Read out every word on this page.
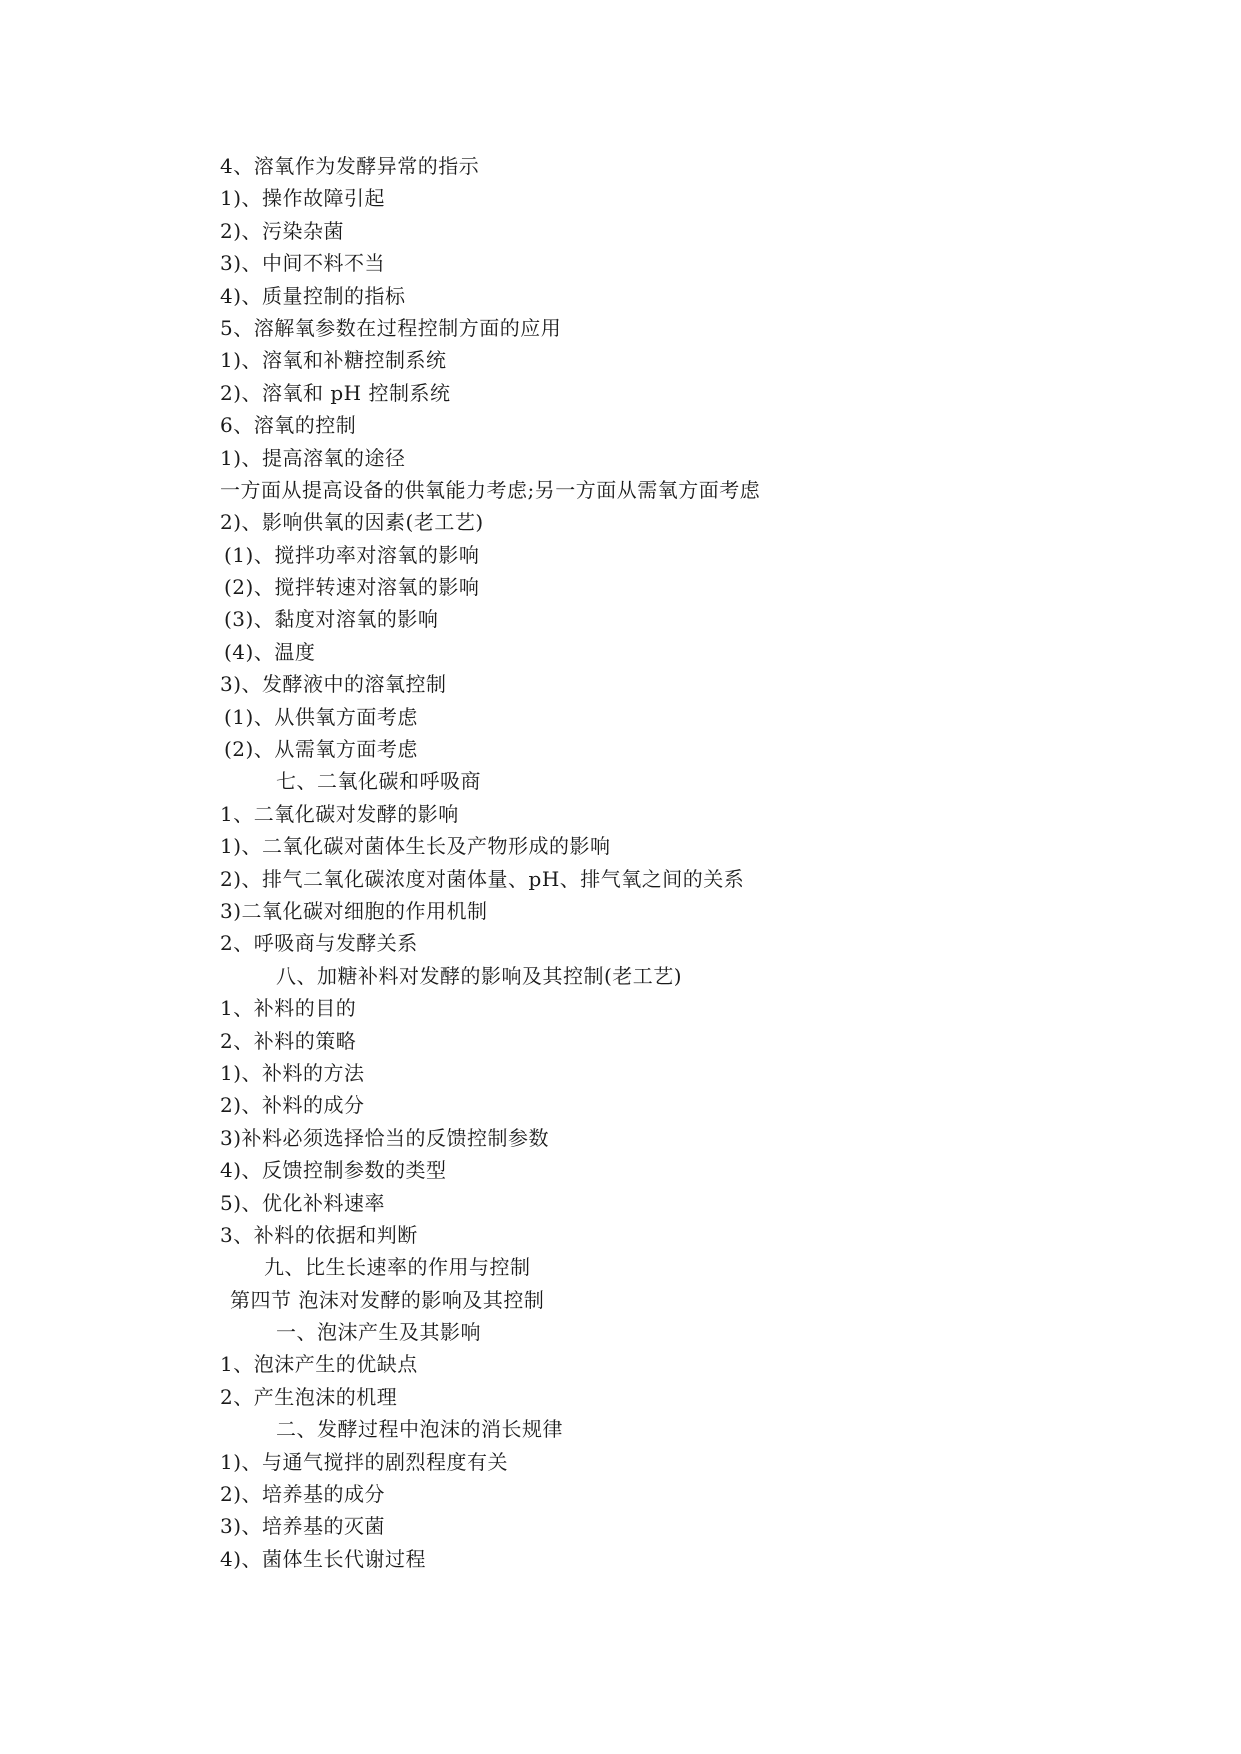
4、溶氧作为发酵异常的指示
1)、操作故障引起
2)、污染杂菌
3)、中间不料不当
4)、质量控制的指标
5、溶解氧参数在过程控制方面的应用
1)、溶氧和补糖控制系统
2)、溶氧和 pH 控制系统
6、溶氧的控制
1)、提高溶氧的途径
一方面从提高设备的供氧能力考虑;另一方面从需氧方面考虑
2)、影响供氧的因素(老工艺)
(1)、搅拌功率对溶氧的影响
(2)、搅拌转速对溶氧的影响
(3)、黏度对溶氧的影响
(4)、温度
3)、发酵液中的溶氧控制
(1)、从供氧方面考虑
(2)、从需氧方面考虑
七、二氧化碳和呼吸商
1、二氧化碳对发酵的影响
1)、二氧化碳对菌体生长及产物形成的影响
2)、排气二氧化碳浓度对菌体量、pH、排气氧之间的关系
3)二氧化碳对细胞的作用机制
2、呼吸商与发酵关系
八、加糖补料对发酵的影响及其控制(老工艺)
1、补料的目的
2、补料的策略
1)、补料的方法
2)、补料的成分
3)补料必须选择恰当的反馈控制参数
4)、反馈控制参数的类型
5)、优化补料速率
3、补料的依据和判断
九、比生长速率的作用与控制
第四节 泡沫对发酵的影响及其控制
一、泡沫产生及其影响
1、泡沫产生的优缺点
2、产生泡沫的机理
二、发酵过程中泡沫的消长规律
1)、与通气搅拌的剧烈程度有关
2)、培养基的成分
3)、培养基的灭菌
4)、菌体生长代谢过程
